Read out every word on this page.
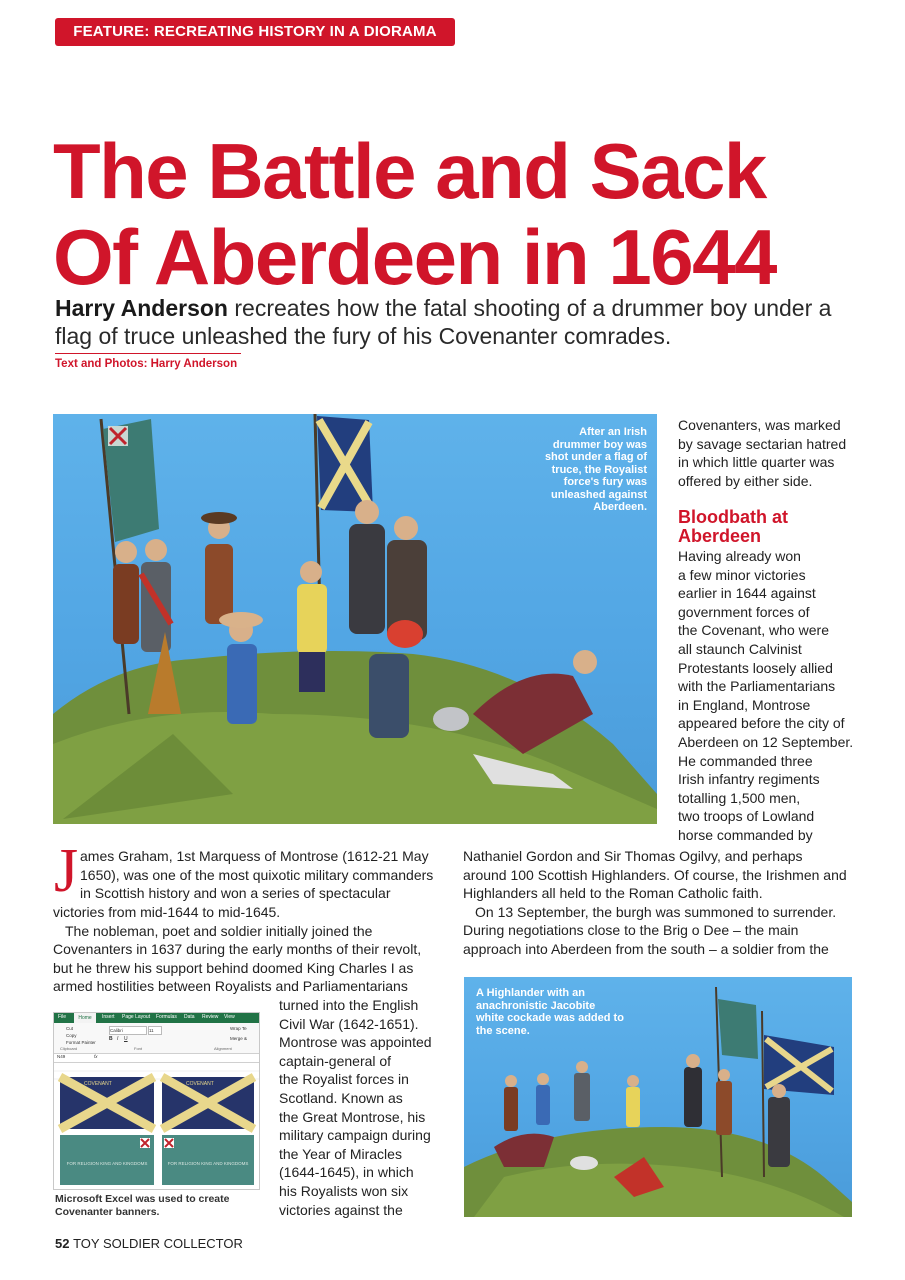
FEATURE: RECREATING HISTORY IN A DIORAMA
The Battle and Sack
Of Aberdeen in 1644

Harry Anderson recreates how the fatal shooting of a drummer boy under a flag of truce unleashed the fury of his Covenanter comrades.

Text and Photos: Harry Anderson
After an Irish drummer boy was shot under a flag of truce, the Royalist force's fury was unleashed against Aberdeen.

Covenanters, was marked

by savage sectarian hatred

in which little quarter was

offered by either side.

Bloodbath at Aberdeen

Having already won

a few minor victories

earlier in 1644 against

government forces of

the Covenant, who were

all staunch Calvinist

Protestants loosely allied

with the Parliamentarians

in England, Montrose

appeared before the city of

Aberdeen on 12 September.

He commanded three

Irish infantry regiments

totalling 1,500 men,

two troops of Lowland

horse commanded by

Nathaniel Gordon and Sir Thomas Ogilvy, and perhaps

around 100 Scottish Highlanders. Of course, the Irishmen and

Highlanders all held to the Roman Catholic faith.

On 13 September, the burgh was summoned to surrender.

During negotiations close to the Brig o Dee – the main

approach into Aberdeen from the south – a soldier from the

J ames Graham, 1st Marquess of Montrose (1612-21 May

1650), was one of the most quixotic military commanders

in Scottish history and won a series of spectacular

victories from mid-1644 to mid-1645.

The nobleman, poet and soldier initially joined the

Covenanters in 1637 during the early months of their revolt,

but he threw his support behind doomed King Charles I as

armed hostilities between Royalists and Parliamentarians

turned into the English

Civil War (1642-1651).

Montrose was appointed

captain-general of

the Royalist forces in

Scotland. Known as

the Great Montrose, his

military campaign during

the Year of Miracles

(1644-1645), in which

his Royalists won six

victories against the

File	Home	Insert Page Layout Formulas Data Review View
Cut
Copy
Format Painter
Calibri	11
B I U
Wrap Te
Merge &
Clipboard	Font	Alignment
N49	fx
COVENANT	COVENANT
FOR RELIGION KING AND KINGDOMS	FOR RELIGION KING AND KINGDOMS
Microsoft Excel was used to create Covenanter banners.
A Highlander with an anachronistic Jacobite white cockade was added to the scene.
52 TOY SOLDIER COLLECTOR
